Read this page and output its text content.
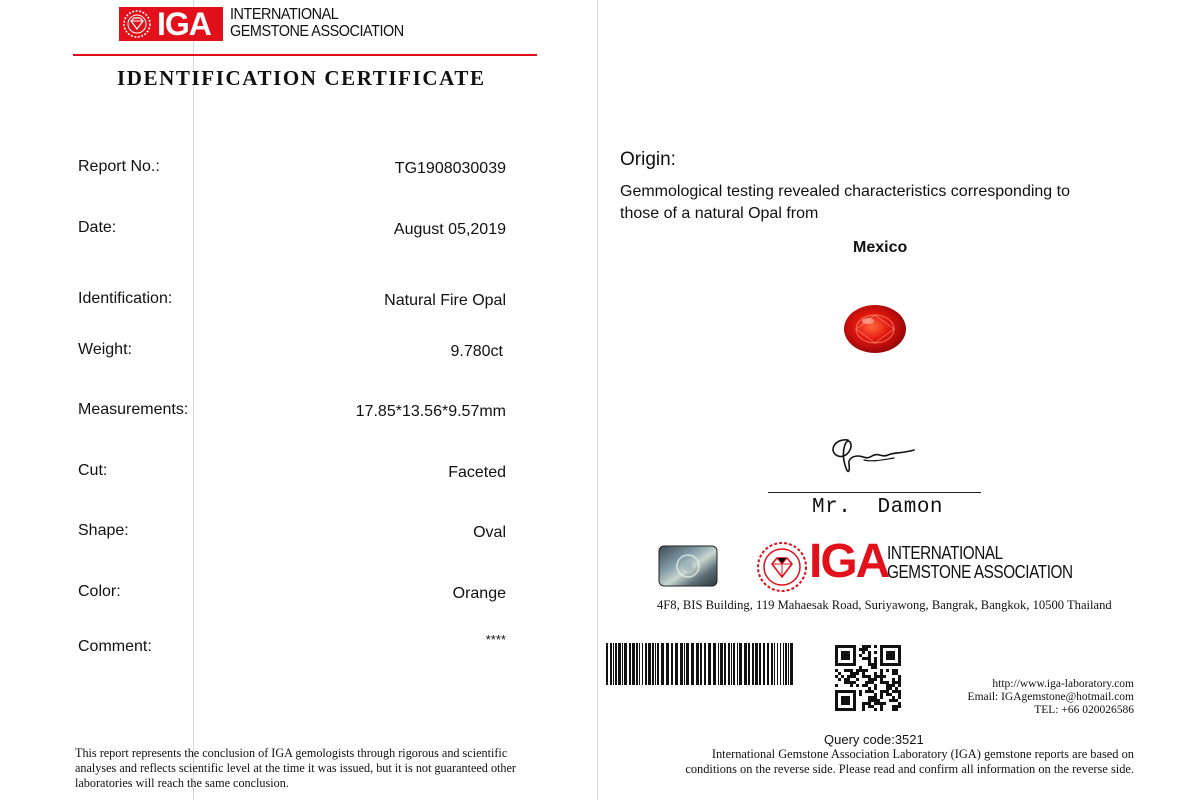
IGA INTERNATIONAL
GEMSTONE ASSOCIATION
IDENTIFICATION CERTIFICATE
Report No.:	TG1908030039
Date:	August 05,2019
Identification:	Natural Fire Opal
Weight:	9.780ct
Measurements:	17.85*13.56*9.57mm
Cut:	Faceted
Shape:	Oval
Color:	Orange
Comment:	****
This report represents the conclusion of IGA gemologists through rigorous and scientific analyses and reflects scientific level at the time it was issued, but it is not guaranteed other laboratories will reach the same conclusion.
Origin:
Gemmological testing revealed characteristics corresponding to those of a natural Opal from
Mexico
Mr.  Damon
IGA
INTERNATIONAL
GEMSTONE ASSOCIATION
4F8, BIS Building, 119 Mahaesak Road, Suriyawong, Bangrak, Bangkok, 10500 Thailand
http://www.iga-laboratory.com
Email: IGAgemstone@hotmail.com
TEL: +66 020026586
Query code:3521
International Gemstone Association Laboratory (IGA) gemstone reports are based on conditions on the reverse side. Please read and confirm all information on the reverse side.
